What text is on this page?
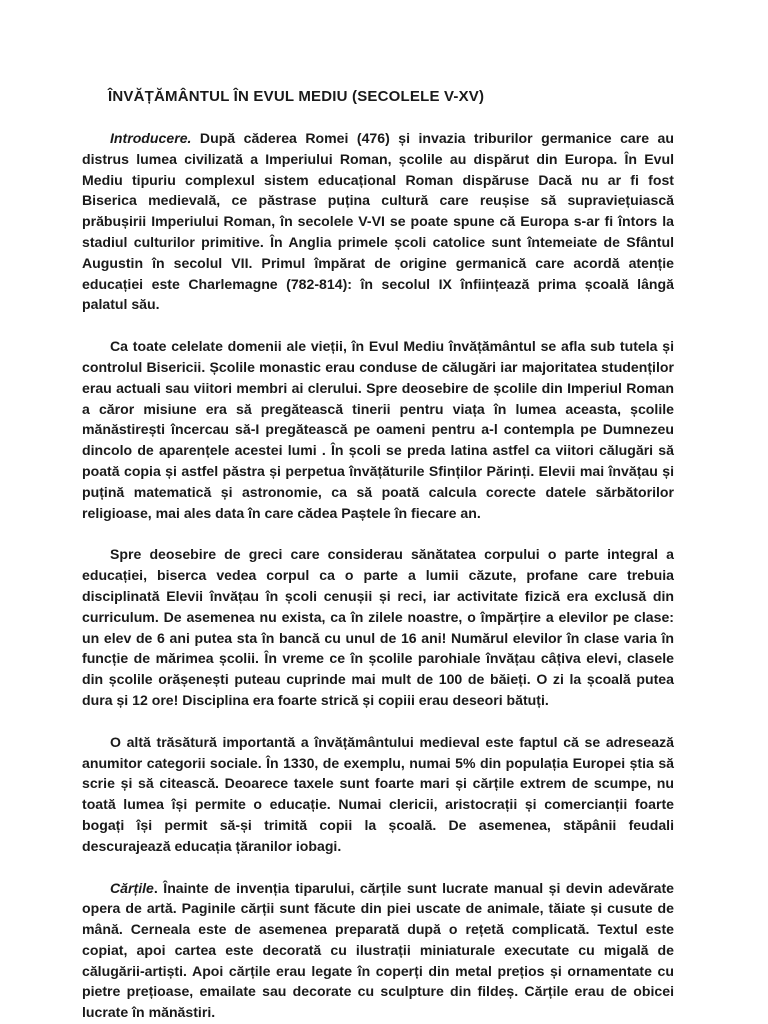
ÎNVĂȚĂMÂNTUL ÎN EVUL MEDIU (SECOLELE V-XV)

Introducere. După căderea Romei (476) și invazia triburilor germanice care au distrus lumea civilizată a Imperiului Roman, școlile au dispărut din Europa. În Evul Mediu tipuriu complexul sistem educațional Roman dispăruse Dacă nu ar fi fost Biserica medievală, ce păstrase puțina cultură care reușise să supraviețuiască prăbușirii Imperiului Roman, în secolele V-VI se poate spune că Europa s-ar fi întors la stadiul culturilor primitive. În Anglia primele școli catolice sunt întemeiate de Sfântul Augustin în secolul VII. Primul împărat de origine germanică care acordă atenție educației este Charlemagne (782-814): în secolul IX înființează prima școală lângă palatul său.

Ca toate celelate domenii ale vieții, în Evul Mediu învățământul se afla sub tutela și controlul Bisericii. Școlile monastic erau conduse de călugări iar majoritatea studenților erau actuali sau viitori membri ai clerului. Spre deosebire de școlile din Imperiul Roman a căror misiune era să pregătească tinerii pentru viața în lumea aceasta, școlile mănăstirești încercau să-I pregătească pe oameni pentru a-l contempla pe Dumnezeu dincolo de aparențele acestei lumi . În școli se preda latina astfel ca viitori călugări să poată copia și astfel păstra și perpetua învățăturile Sfinților Părinți. Elevii mai învățau și puțină matematică și astronomie, ca să poată calcula corecte datele sărbătorilor religioase, mai ales data în care cădea Paștele în fiecare an.

Spre deosebire de greci care considerau sănătatea corpului o parte integral a educației, biserca vedea corpul ca o parte a lumii căzute, profane care trebuia disciplinată Elevii învățau în școli cenușii și reci, iar activitate fizică era exclusă din curriculum. De asemenea nu exista, ca în zilele noastre, o împărțire a elevilor pe clase: un elev de 6 ani putea sta în bancă cu unul de 16 ani! Numărul elevilor în clase varia în funcție de mărimea școlii. În vreme ce în școlile parohiale învățau câțiva elevi, clasele din școlile orășenești puteau cuprinde mai mult de 100 de băieți. O zi la școală putea dura și 12 ore! Disciplina era foarte strică și copiii erau deseori bătuți.

O altă trăsătură importantă a învățământului medieval este faptul că se adresează anumitor categorii sociale. În 1330, de exemplu, numai 5% din populația Europei știa să scrie și să citească. Deoarece taxele sunt foarte mari și cărțile extrem de scumpe, nu toată lumea își permite o educație. Numai clericii, aristocrații și comercianții foarte bogați își permit să-și trimită copii la școală. De asemenea, stăpânii feudali descurajează educația țăranilor iobagi.

Cărțile. Înainte de invenția tiparului, cărțile sunt lucrate manual și devin adevărate opera de artă. Paginile cărții sunt făcute din piei uscate de animale, tăiate și cusute de mână. Cerneala este de asemenea preparată după o rețetă complicată. Textul este copiat, apoi cartea este decorată cu ilustrații miniaturale executate cu migală de călugării-artiști. Apoi cărțile erau legate în coperți din metal prețios și ornamentate cu pietre prețioase, emailate sau decorate cu sculpture din fildeș. Cărțile erau de obicei lucrate în mănăstiri.
